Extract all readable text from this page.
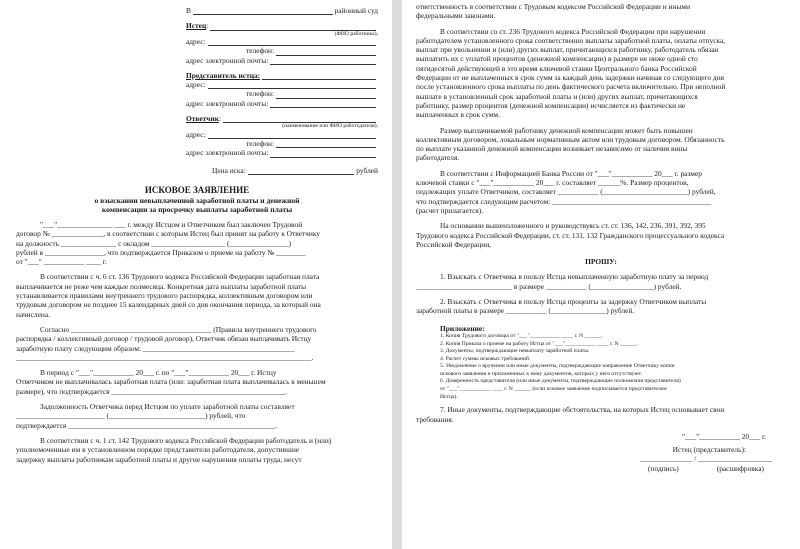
В	районный суд
Истец :
(ФИО работника),
адрес:
телефон:
адрес электронной почты:
Представитель истца:
адрес:
телефон:
адрес электронной почты:
Ответчик :
(наименование или ФИО работодателя),
адрес:
телефон:
адрес электронной почты:
Цена иска:	рублей
ИСКОВОЕ ЗАЯВЛЕНИЕ
о взыскании невыплаченной заработной платы и денежной
компенсации за просрочку выплаты заработной платы
"___"_______________ ___ г. между Истцом и Ответчиком был заключен Трудовой
договор № ______________, в соответствии с которым Истец был принят на работу к Ответчику
на должность _______________ с окладом ____________________ (________________)
рублей в ________________, что подтверждается Приказом о приеме на работу № ________
от "___" ___________ ____ г.
В соответствии с ч. 6 ст. 136 Трудового кодекса Российской Федерации заработная плата
выплачивается не реже чем каждые полмесяца. Конкретная дата выплаты заработной платы
устанавливается правилами внутреннего трудового распорядка, коллективным договором или
трудовым договором не позднее 15 календарных дней со дня окончания периода, за который она
начислена.
Согласно ______________________________________ (Правила внутреннего трудового
распорядка / коллективный договор / трудовой договор), Ответчик обязан выплачивать Истцу
заработную плату следующим образом: _________________________________________
________________________________________________________________________________.
В период с "___"___________ 20___ г. по "___"___________ 20___ г. Истцу
Ответчиком не выплачивалась заработная плата (или: заработная плата выплачивалась в меньшем
размере), что подтверждается _______________________________________________.
Задолженность Ответчика перед Истцом по уплате заработной платы составляет
________________________ (__________________________) рублей, что
подтверждается ________________________________________________________.
В соответствии с ч. 1 ст. 142 Трудового кодекса Российской Федерации работодатель и (или)
уполномоченные им в установленном порядке представители работодателя, допустившие
задержку выплаты работникам заработной платы и другие нарушения оплаты труда, несут
ответственность в соответствии с Трудовым кодексом Российской Федерации и иными
федеральными законами.
В соответствии со ст. 236 Трудового кодекса Российской Федерации при нарушении
работодателем установленного срока соответственно выплаты заработной платы, оплаты отпуска,
выплат при увольнении и (или) других выплат, причитающихся работнику, работодатель обязан
выплатить их с уплатой процентов (денежной компенсации) в размере не ниже одной сто
пятидесятой действующей в это время ключевой ставки Центрального банка Российской
Федерации от не выплаченных в срок сумм за каждый день задержки начиная со следующего дня
после установленного срока выплаты по день фактического расчета включительно. При неполной
выплате в установленный срок заработной платы и (или) других выплат, причитающихся
работнику, размер процентов (денежной компенсации) исчисляется из фактически не
выплаченных в срок сумм.
Размер выплачиваемой работнику денежной компенсации может быть повышен
коллективным договором, локальным нормативным актом или трудовым договором. Обязанность
по выплате указанной денежной компенсации возникает независимо от наличия вины
работодателя.
В соответствии с Информацией Банка России от "___"___________ 20___ г. размер
ключевой ставки с "___"___________ 20___ г. составляет ______%. Размер процентов,
подлежащих уплате Ответчиком, составляет ___________ (_______________________) рублей,
что подтверждается следующим расчетом: ___________________________________________
(расчет прилагается).
На основании вышеизложенного и руководствуясь ст. ст. 136, 142, 236, 391, 392, 395
Трудового кодекса Российской Федерации, ст. ст. 131, 132 Гражданского процессуального кодекса
Российской Федерации,
ПРОШУ:
1. Взыскать с Ответчика в пользу Истца невыплаченную заработную плату за период
__________________________ в размере ___________ (_________________) рублей.
2. Взыскать с Ответчика в пользу Истца проценты за задержку Ответчиком выплаты
заработной платы в размере ___________ (_______________) рублей.
Приложение:
1. Копия Трудового договора от "___"___________ ____ г. N ______.
2. Копия Приказа о приеме на работу Истца от "___"___________ ____ г. N ______.
3. Документы, подтверждающие невыплату заработной платы.
4. Расчет суммы исковых требований.
5. Уведомление о вручении или иные документы, подтверждающие направление Ответчику копии
искового заявления и приложенных к нему документов, которых у него отсутствуют.
6. Доверенность представителя (или иные документы, подтверждающие полномочия представителя)
от "___"___________ ____ г. N ______ (если исковое заявление подписывается представителем
Истца).
7. Иные документы, подтверждающие обстоятельства, на которых Истец основывает свои
требования.
"___"___________ 20___ г.
Истец (представитель):
______________ / ____________________
(подпись)	(расшифровка)
